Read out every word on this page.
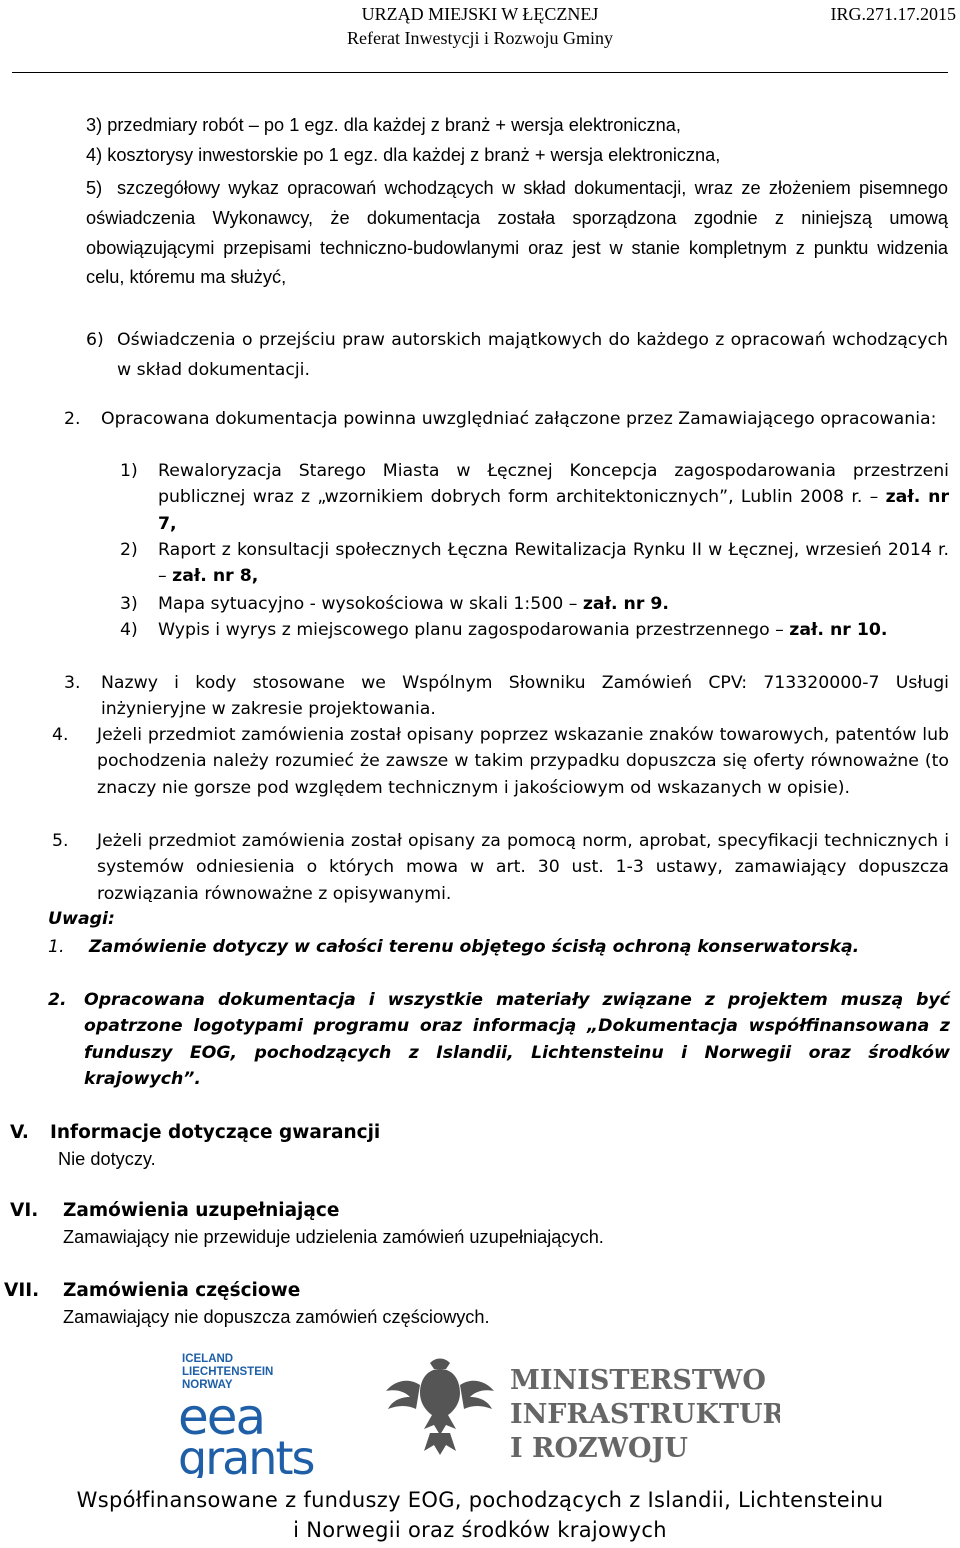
IRG.271.17.2015
URZĄD MIEJSKI W ŁĘCZNEJ
Referat Inwestycji i Rozwoju Gminy
3) przedmiary robót – po 1 egz. dla każdej z branż + wersja elektroniczna,
4) kosztorysy inwestorskie po 1 egz. dla każdej z branż + wersja elektroniczna,
5) szczegółowy wykaz opracowań wchodzących w skład dokumentacji, wraz ze złożeniem pisemnego oświadczenia Wykonawcy, że dokumentacja została sporządzona zgodnie z niniejszą umową obowiązującymi przepisami techniczno-budowlanymi oraz jest w stanie kompletnym z punktu widzenia celu, któremu ma służyć,
6) Oświadczenia o przejściu praw autorskich majątkowych do każdego z opracowań wchodzących w skład dokumentacji.
2. Opracowana dokumentacja powinna uwzględniać załączone przez Zamawiającego opracowania:
1) Rewaloryzacja Starego Miasta w Łęcznej Koncepcja zagospodarowania przestrzeni publicznej wraz z „wzornikiem dobrych form architektonicznych”, Lublin 2008 r. – zał. nr 7,
2) Raport z konsultacji społecznych Łęczna Rewitalizacja Rynku II w Łęcznej, wrzesień 2014 r. – zał. nr 8,
3) Mapa sytuacyjno - wysokościowa w skali 1:500 – zał. nr 9.
4) Wypis i wyrys z miejscowego planu zagospodarowania przestrzennego – zał. nr 10.
3. Nazwy i kody stosowane we Wspólnym Słowniku Zamówień CPV: 713320000-7 Usługi inżynieryjne w zakresie projektowania.
4. Jeżeli przedmiot zamówienia został opisany poprzez wskazanie znaków towarowych, patentów lub pochodzenia należy rozumieć że zawsze w takim przypadku dopuszcza się oferty równoważne (to znaczy nie gorsze pod względem technicznym i jakościowym od wskazanych w opisie).
5. Jeżeli przedmiot zamówienia został opisany za pomocą norm, aprobat, specyfikacji technicznych i systemów odniesienia o których mowa w art. 30 ust. 1-3 ustawy, zamawiający dopuszcza rozwiązania równoważne z opisywanymi.
Uwagi:
1. Zamówienie dotyczy w całości terenu objętego ścisłą ochroną konserwatorską.
2. Opracowana dokumentacja i wszystkie materiały związane z projektem muszą być opatrzone logotypami programu oraz informacją „Dokumentacja współfinansowana z funduszy EOG, pochodzących z Islandii, Lichtensteinu i Norwegii oraz środków krajowych”.
V. Informacje dotyczące gwarancji
Nie dotyczy.
VI. Zamówienia uzupełniające
Zamawiający nie przewiduje udzielenia zamówień uzupełniających.
VII. Zamówienia częściowe
Zamawiający nie dopuszcza zamówień częściowych.
ICELAND
LIECHTENSTEIN
NORWAY
eea
grants
MINISTERSTWO
INFRASTRUKTURY
I ROZWOJU
Współfinansowane z funduszy EOG, pochodzących z Islandii, Lichtensteinu
i Norwegii oraz środków krajowych
